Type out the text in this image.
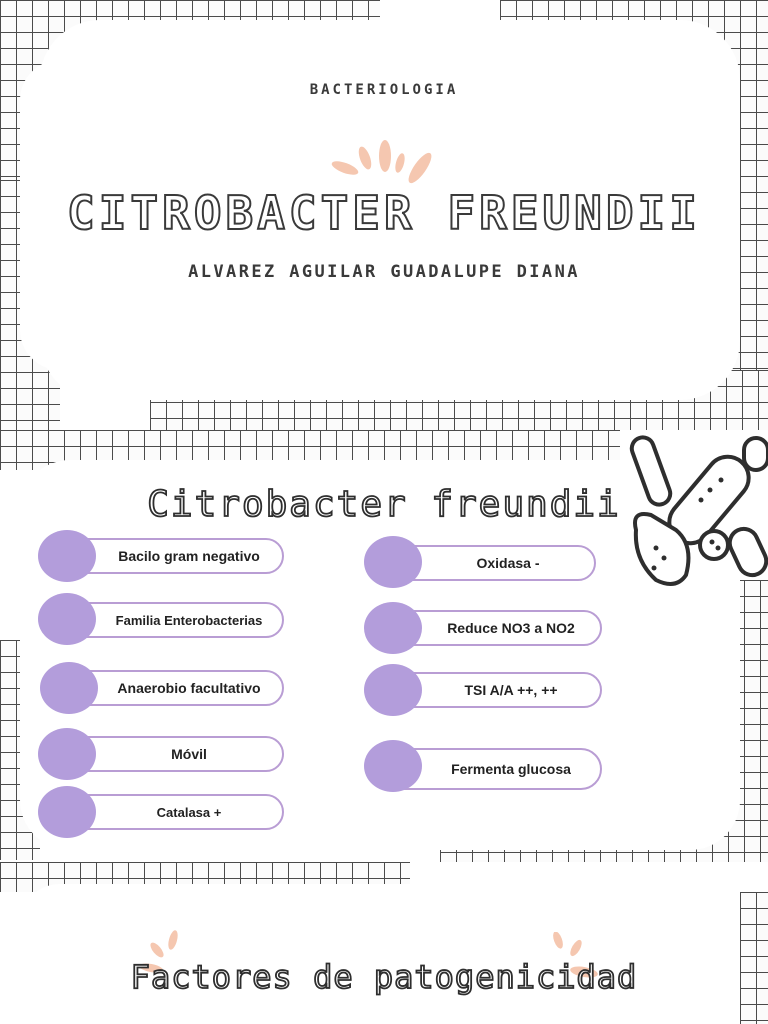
BACTERIOLOGIA
CITROBACTER FREUNDII
ALVAREZ AGUILAR GUADALUPE DIANA
Citrobacter freundii
Bacilo gram negativo
Familia Enterobacterias
Anaerobio facultativo
Móvil
Catalasa +
Oxidasa -
Reduce NO3 a NO2
TSI A/A ++, ++
Fermenta glucosa
Factores de patogenicidad
